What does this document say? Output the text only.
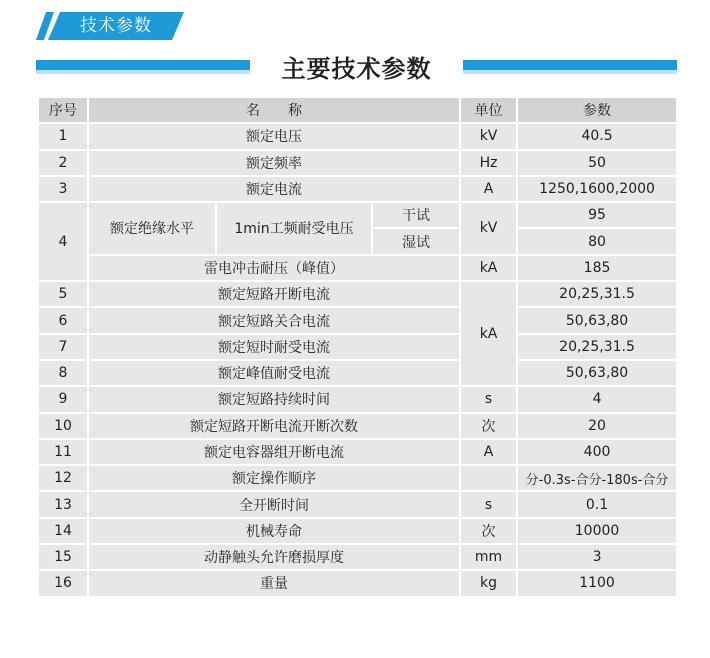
技术参数
主要技术参数
序号	名　　称			单位	参数
1	额定电压			kV	40.5
2	额定频率			Hz	50
3	额定电流			A	1250,1600,2000
4	额定绝缘水平	1min工频耐受电压	干试	kV	95
			湿试		80
	雷电冲击耐压（峰值）			kA	185
5	额定短路开断电流			kA	20,25,31.5
6	额定短路关合电流				50,63,80
7	额定短时耐受电流				20,25,31.5
8	额定峰值耐受电流				50,63,80
9	额定短路持续时间			s	4
10	额定短路开断电流开断次数			次	20
11	额定电容器组开断电流			A	400
12	额定操作顺序				分-0.3s-合分-180s-合分
13	全开断时间			s	0.1
14	机械寿命			次	10000
15	动静触头允许磨损厚度			mm	3
16	重量			kg	1100
